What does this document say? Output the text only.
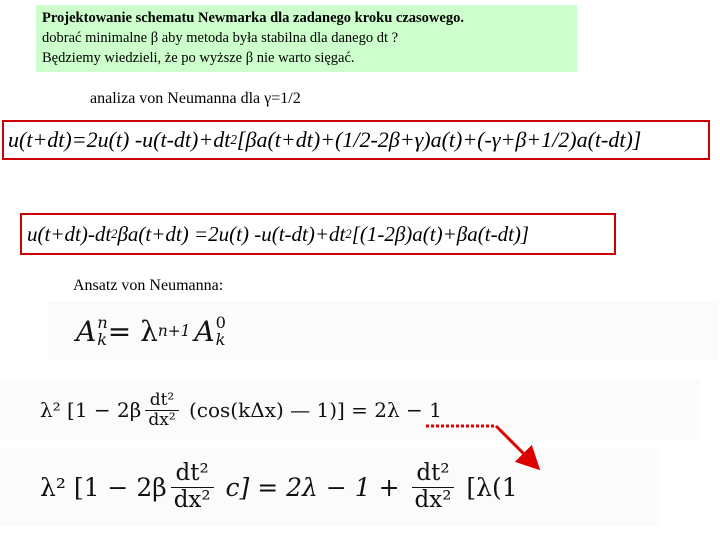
Projektowanie schematu Newmarka dla zadanego kroku czasowego.
dobrać minimalne β aby metoda była stabilna dla danego dt ?
Będziemy wiedzieli, że po wyższe β nie warto sięgać.
analiza von Neumanna dla γ=1/2
u(t+dt)=2u(t) -u(t-dt)+dt 2 [βa(t+dt)+(1/2-2β+γ)a(t)+(-γ+β+1/2)a(t-dt)]
u(t+dt)-dt 2 βa(t+dt) =2u(t) -u(t-dt)+dt 2 [(1-2β)a(t)+βa(t-dt)]
Ansatz von Neumanna:
A n
k = λ n+1 A 0
k
λ² [$1 - 2\beta \frac{\text{dt²}}{\text{dx²}} (\cos(k\Delta x)$ — 1)] = 2λ − 1
λ² $[1 - 2\beta \frac{\text{dt²}}{\text{dx²}} c] = 2\lambda - 1 + \frac{\text{dt²}}{\text{dx²}} [\lambda(1$
